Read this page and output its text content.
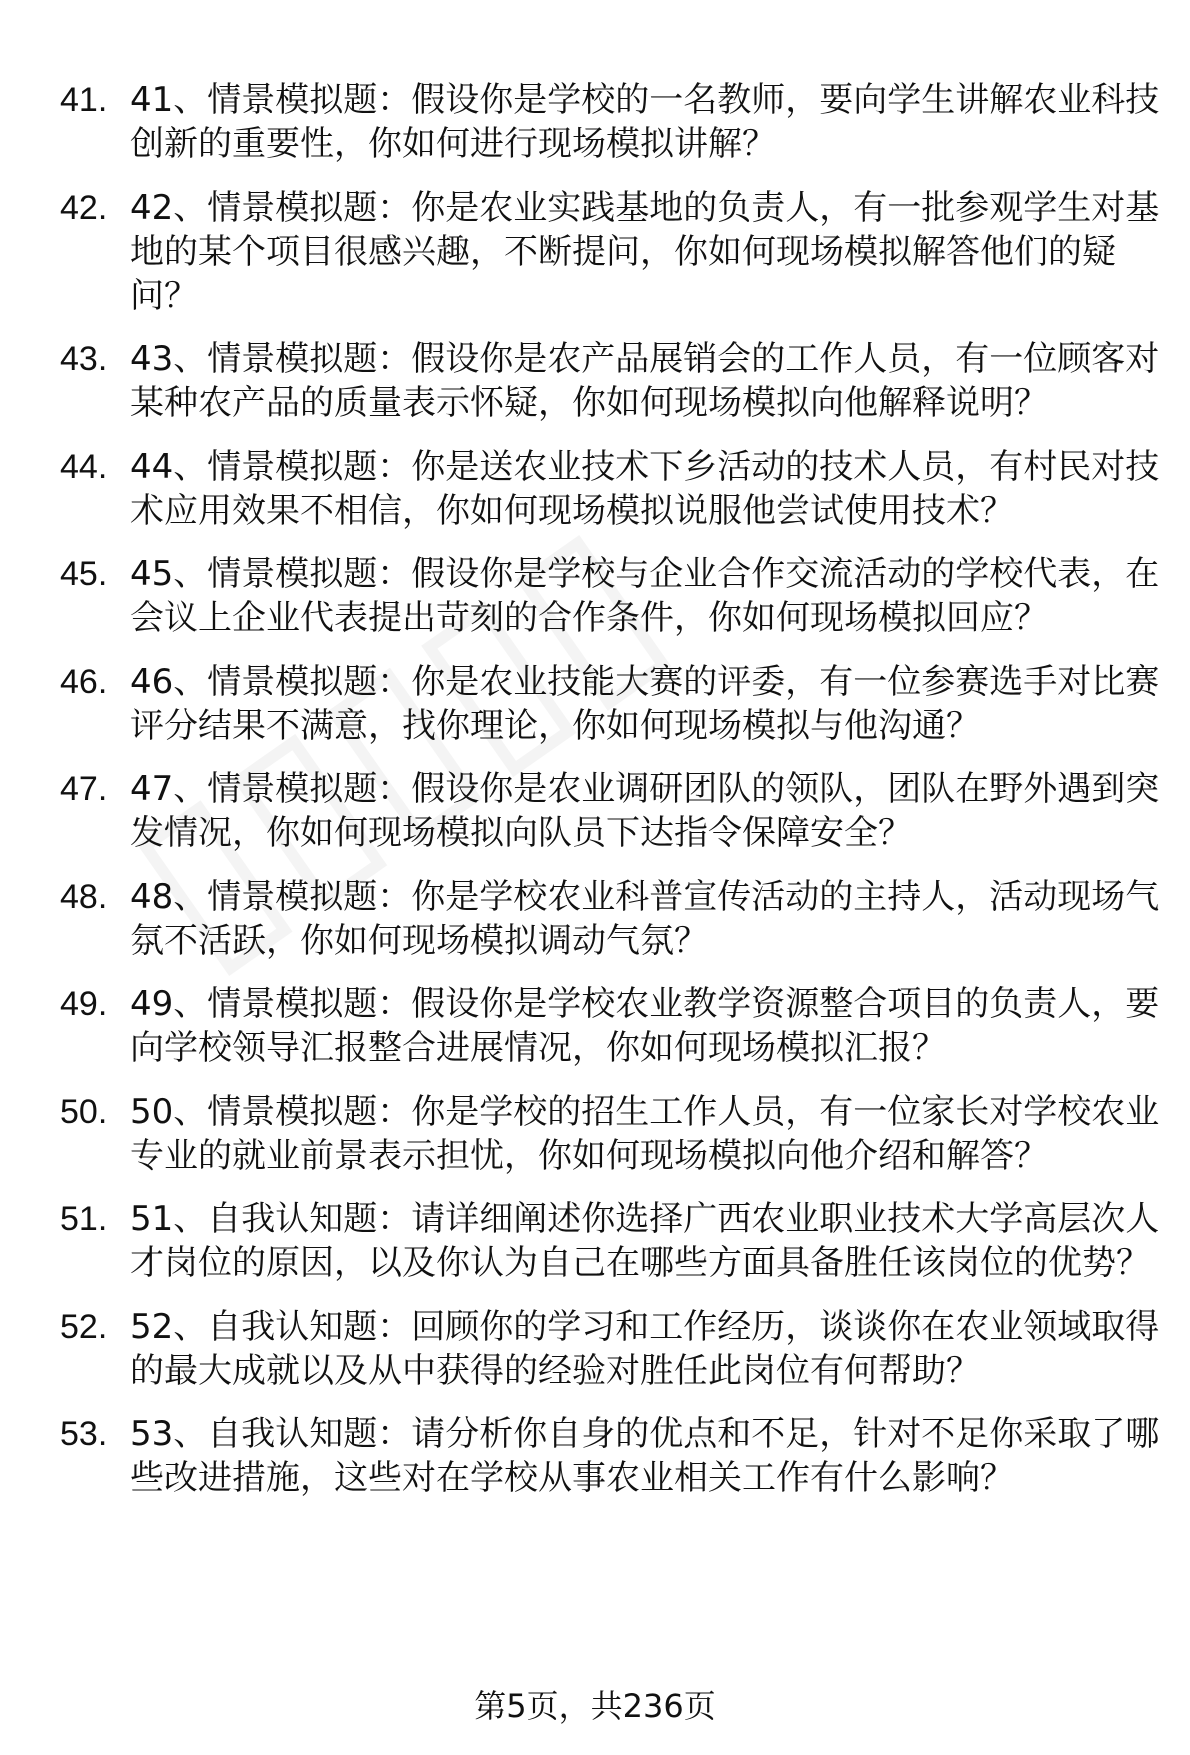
41. 41、情景模拟题：假设你是学校的一名教师，要向学生讲解农业科技创新的重要性，你如何进行现场模拟讲解？
42. 42、情景模拟题：你是农业实践基地的负责人，有一批参观学生对基地的某个项目很感兴趣，不断提问，你如何现场模拟解答他们的疑问？
43. 43、情景模拟题：假设你是农产品展销会的工作人员，有一位顾客对某种农产品的质量表示怀疑，你如何现场模拟向他解释说明？
44. 44、情景模拟题：你是送农业技术下乡活动的技术人员，有村民对技术应用效果不相信，你如何现场模拟说服他尝试使用技术？
45. 45、情景模拟题：假设你是学校与企业合作交流活动的学校代表，在会议上企业代表提出苛刻的合作条件，你如何现场模拟回应？
46. 46、情景模拟题：你是农业技能大赛的评委，有一位参赛选手对比赛评分结果不满意，找你理论，你如何现场模拟与他沟通？
47. 47、情景模拟题：假设你是农业调研团队的领队，团队在野外遇到突发情况，你如何现场模拟向队员下达指令保障安全？
48. 48、情景模拟题：你是学校农业科普宣传活动的主持人，活动现场气氛不活跃，你如何现场模拟调动气氛？
49. 49、情景模拟题：假设你是学校农业教学资源整合项目的负责人，要向学校领导汇报整合进展情况，你如何现场模拟汇报？
50. 50、情景模拟题：你是学校的招生工作人员，有一位家长对学校农业专业的就业前景表示担忧，你如何现场模拟向他介绍和解答？
51. 51、自我认知题：请详细阐述你选择广西农业职业技术大学高层次人才岗位的原因，以及你认为自己在哪些方面具备胜任该岗位的优势？
52. 52、自我认知题：回顾你的学习和工作经历，谈谈你在农业领域取得的最大成就以及从中获得的经验对胜任此岗位有何帮助？
53. 53、自我认知题：请分析你自身的优点和不足，针对不足你采取了哪些改进措施，这些对在学校从事农业相关工作有什么影响？
第5页，共236页
